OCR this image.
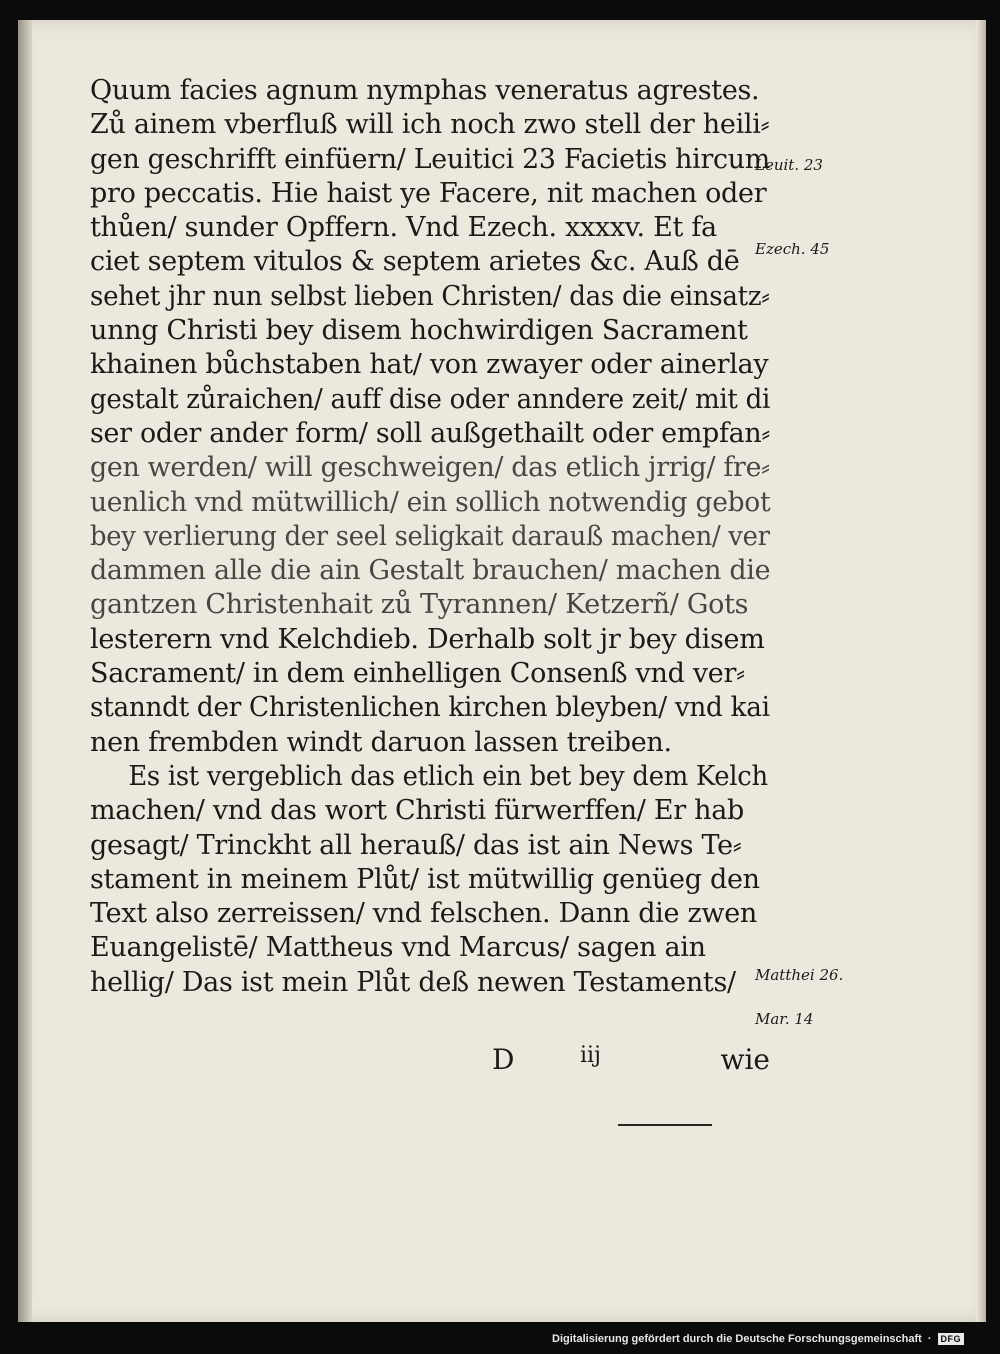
Quum facies agnum nymphas veneratus agrestes.
Zů ainem vberfluß will ich noch zwo stell der heili⸗
gen geschrifft einfüern/ Leuitici 23 Facietis hircum
pro peccatis. Hie haist ye Facere, nit machen oder
thůen/ sunder Opffern. Vnd Ezech. xxxxv. Et fa
ciet septem vitulos & septem arietes &c. Auß dē
sehet jhr nun selbst lieben Christen/ das die einsatz⸗
unng Christi bey disem hochwirdigen Sacrament
khainen bůchstaben hat/ von zwayer oder ainerlay
gestalt zůraichen/ auff dise oder anndere zeit/ mit di
ser oder ander form/ soll außgethailt oder empfan⸗
gen werden/ will geschweigen/ das etlich jrrig/ fre⸗
uenlich vnd mütwillich/ ein sollich notwendig gebot
bey verlierung der seel seligkait darauß machen/ ver
dammen alle die ain Gestalt brauchen/ machen die
gantzen Christenhait zů Tyrannen/ Ketzerñ/ Gots
lesterern vnd Kelchdieb. Derhalb solt jr bey disem
Sacrament/ in dem einhelligen Consenß vnd ver⸗
stanndt der Christenlichen kirchen bleyben/ vnd kai
nen frembden windt daruon lassen treiben.
Es ist vergeblich das etlich ein bet bey dem Kelch
machen/ vnd das wort Christi fürwerffen/ Er hab
gesagt/ Trinckht all herauß/ das ist ain News Te⸗
stament in meinem Plůt/ ist mütwillig genüeg den
Text also zerreissen/ vnd felschen. Dann die zwen
Euangelistē/ Mattheus vnd Marcus/ sagen ain
hellig/ Das ist mein Plůt deß newen Testaments/
Leuit. 23
Ezech. 45
Matthei 26.
Mar. 14
D	iij	wie
Digitalisierung gefördert durch die Deutsche Forschungsgemeinschaft ·	DFG
